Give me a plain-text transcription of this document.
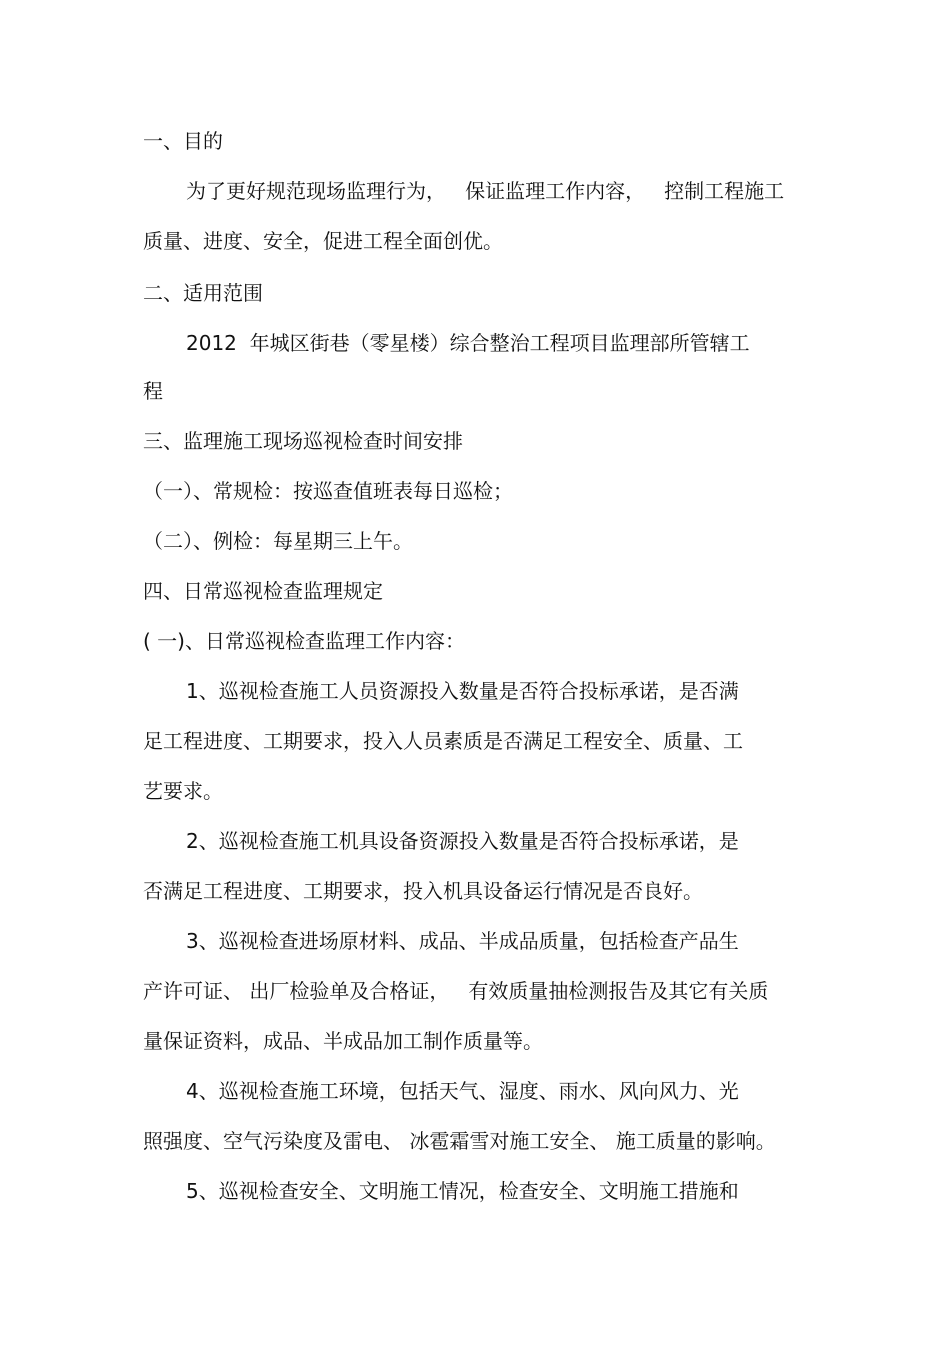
一、目的
为了更好规范现场监理行为，   保证监理工作内容，   控制工程施工
质量、进度、安全，促进工程全面创优。
二、适用范围
2012  年城区街巷（零星楼）综合整治工程项目监理部所管辖工
程
三、监理施工现场巡视检查时间安排
（一）、常规检：按巡查值班表每日巡检；
（二）、例检：每星期三上午。
四、日常巡视检查监理规定
( 一)、日常巡视检查监理工作内容：
1、巡视检查施工人员资源投入数量是否符合投标承诺，是否满
足工程进度、工期要求，投入人员素质是否满足工程安全、质量、工
艺要求。
2、巡视检查施工机具设备资源投入数量是否符合投标承诺，是
否满足工程进度、工期要求，投入机具设备运行情况是否良好。
3、巡视检查进场原材料、成品、半成品质量，包括检查产品生
产许可证、 出厂检验单及合格证，   有效质量抽检测报告及其它有关质
量保证资料，成品、半成品加工制作质量等。
4、巡视检查施工环境，包括天气、湿度、雨水、风向风力、光
照强度、空气污染度及雷电、 冰雹霜雪对施工安全、 施工质量的影响。
5、巡视检查安全、文明施工情况，检查安全、文明施工措施和
